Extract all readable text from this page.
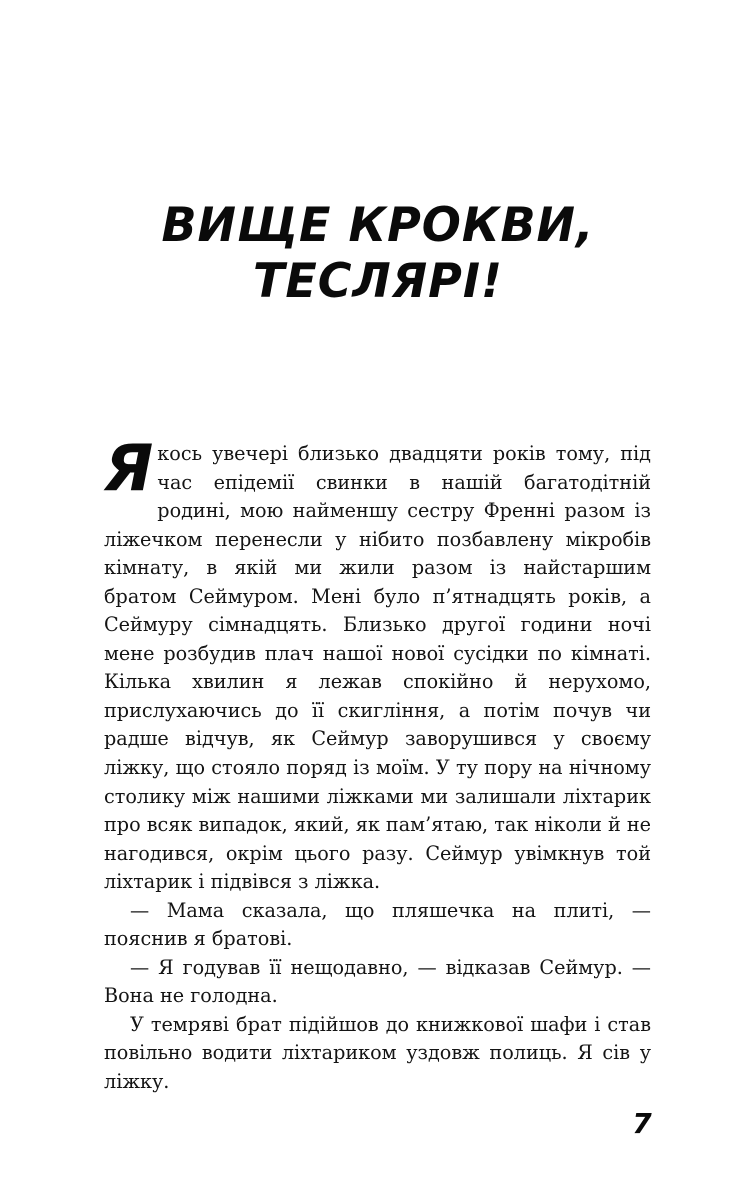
ВИЩЕ КРОКВИ,
ТЕСЛЯРІ!

Якось увечері близько двадцяти років тому, під час епідемії свинки в нашій багатодітній родині, мою найменшу сестру Френні разом із ліжечком перенесли у нібито позбавлену мікробів кімнату, в якій ми жили разом із найстаршим братом Сеймуром. Мені було п’ятнадцять років, а Сеймуру сімнадцять. Близько другої години ночі мене розбудив плач нашої нової сусідки по кімнаті. Кілька хвилин я лежав спокійно й нерухомо, прислухаючись до її скигління, а потім почув чи радше відчув, як Сеймур заворушився у своєму ліжку, що стояло поряд із моїм. У ту пору на нічному столику між нашими ліжками ми залишали ліхтарик про всяк випадок, який, як пам’ятаю, так ніколи й не нагодився, окрім цього разу. Сеймур увімкнув той ліхтарик і підвівся з ліжка.

— Мама сказала, що пляшечка на плиті, — пояснив я братові.

— Я годував її нещодавно, — відказав Сеймур. — Вона не голодна.

У темряві брат підійшов до книжкової шафи і став повільно водити ліхтариком уздовж полиць. Я сів у ліжку.

7
